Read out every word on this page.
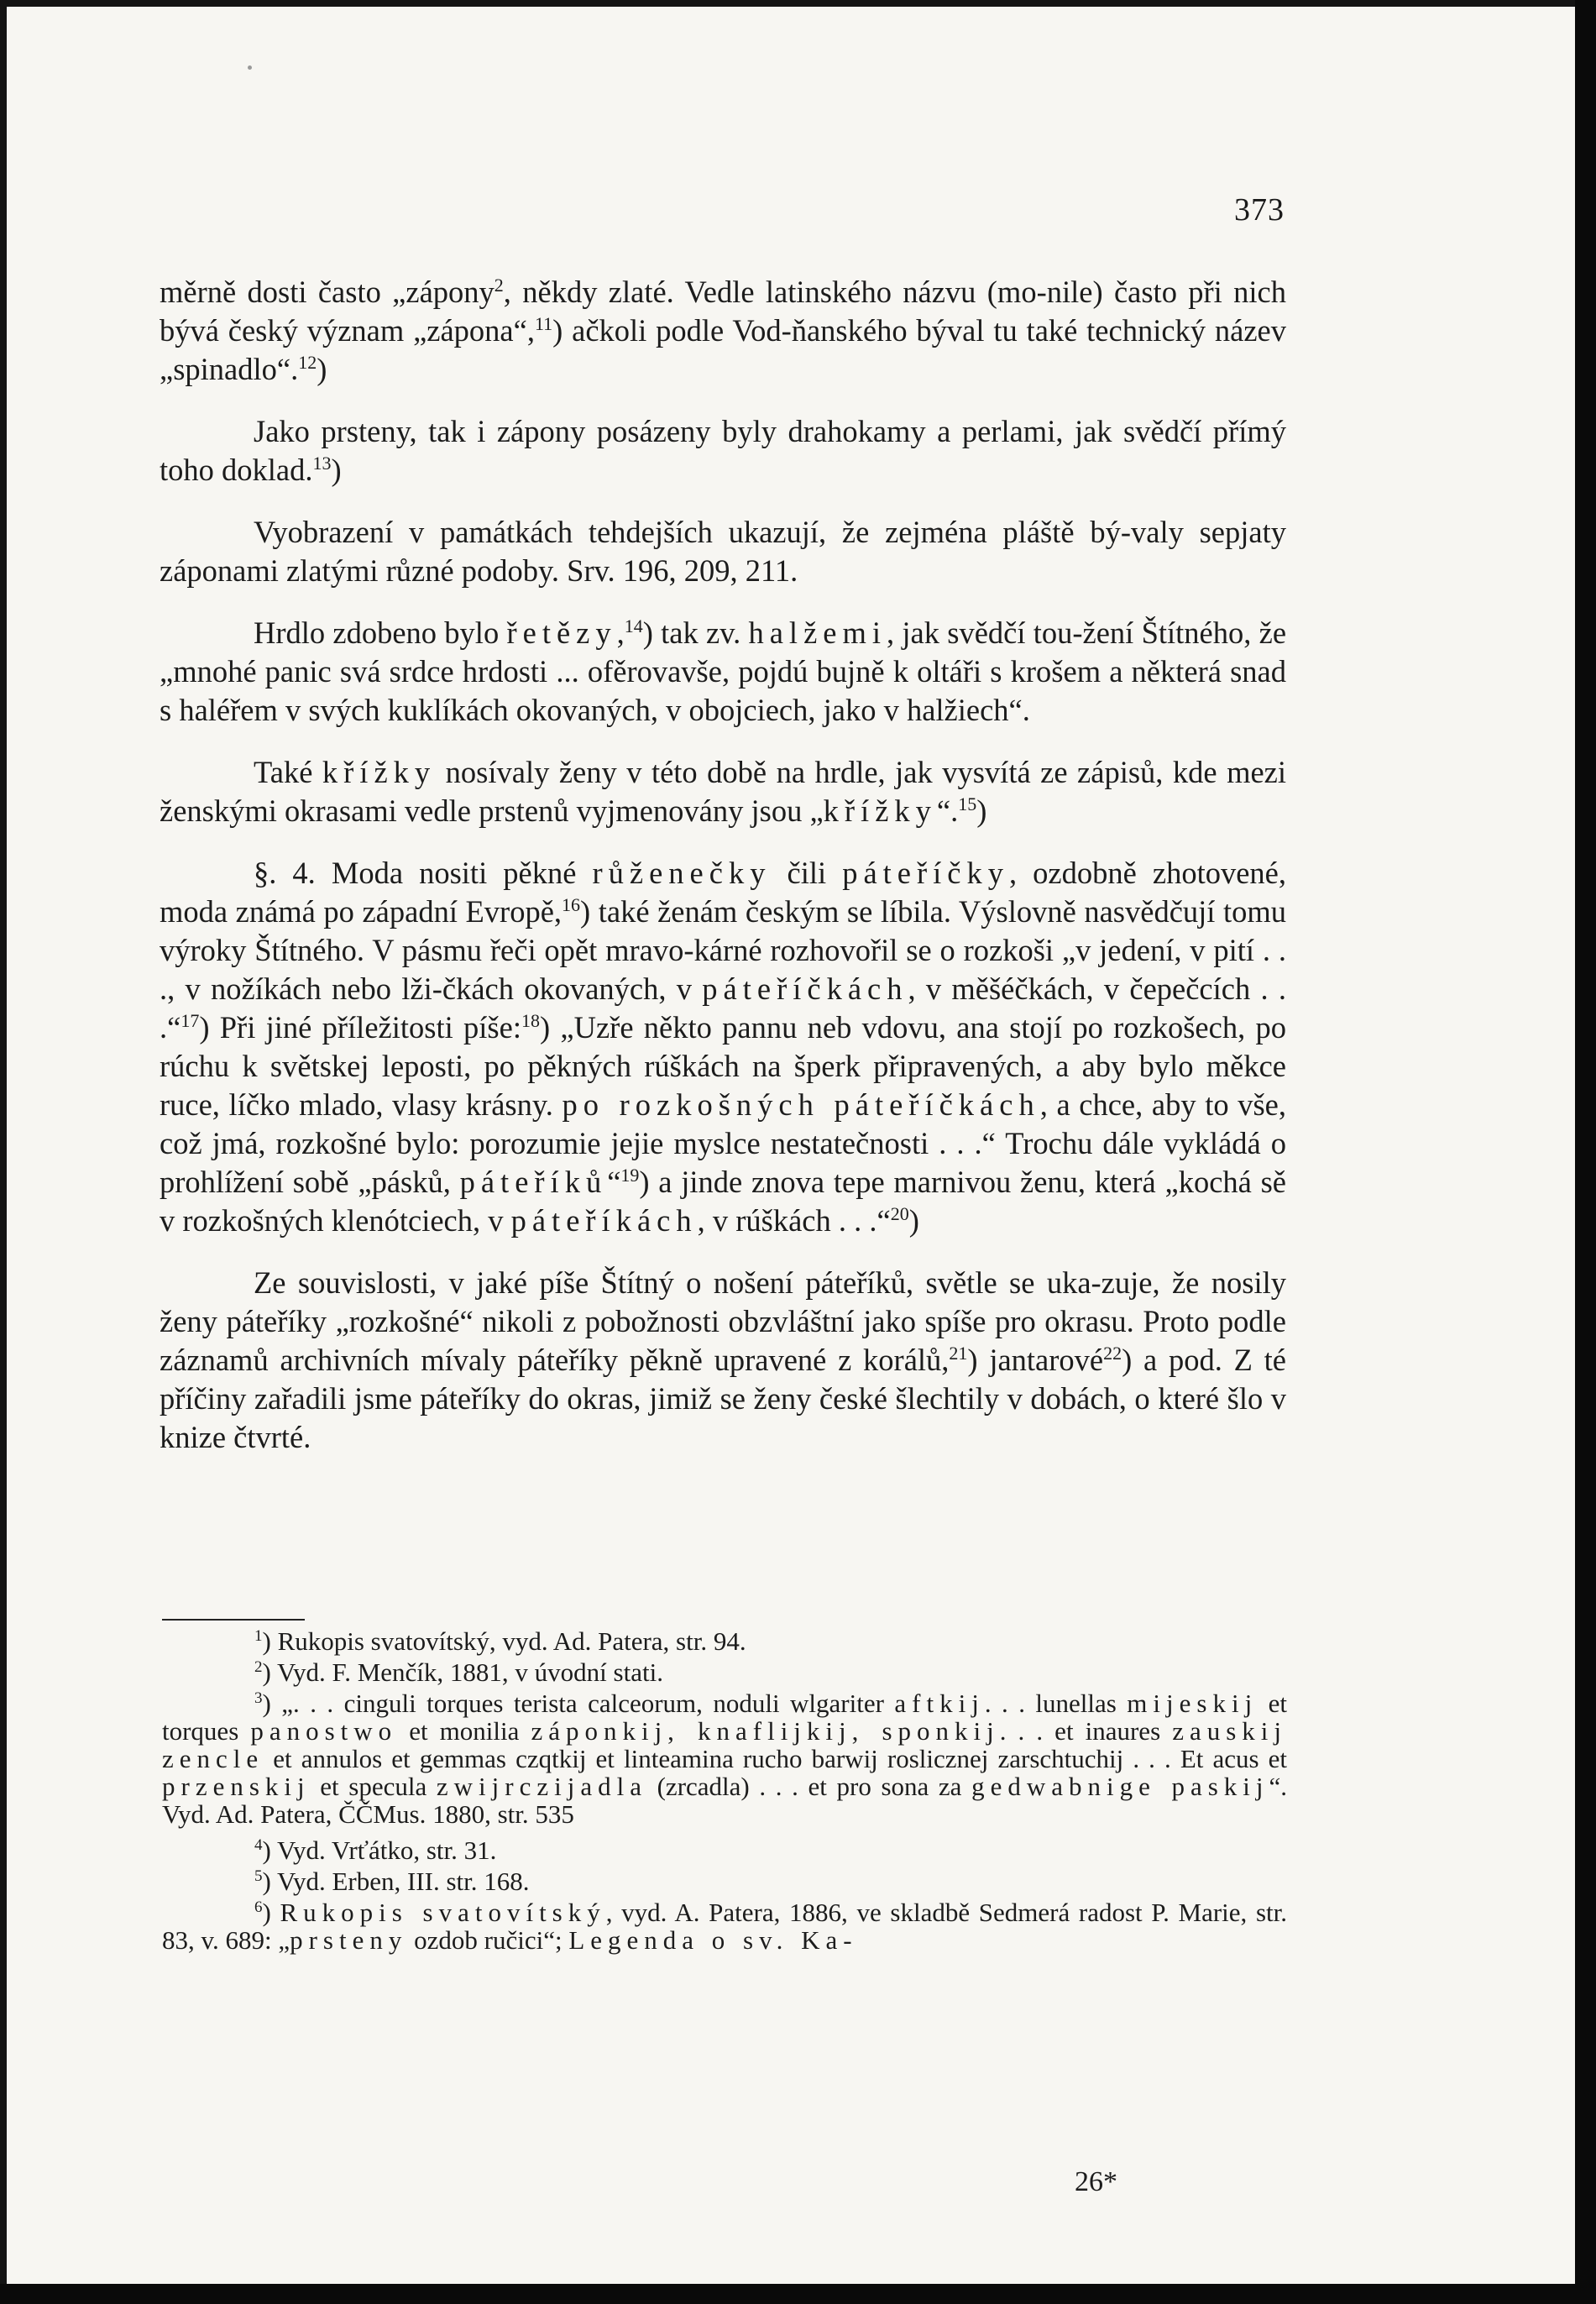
373

měrně dosti často „zápony$^2$, někdy zlaté. Vedle latinského názvu (mo-nile) často při nich bývá český význam „zápona“,$^{11}$) ačkoli podle Vod-ňanského býval tu také technický název „spinadlo“.$^{12}$)

Jako prsteny, tak i zápony posázeny byly drahokamy a perlami, jak svědčí přímý toho doklad.$^{13}$)

Vyobrazení v památkách tehdejších ukazují, že zejména pláště bý-valy sepjaty záponami zlatými různé podoby. Srv. 196, 209, 211.

Hrdlo zdobeno bylo řetězy,$^{14}$) tak zv. halžemi, jak svědčí tou-žení Štítného, že „mnohé panic svá srdce hrdosti ... ofěrovavše, pojdú bujně k oltáři s krošem a některá snad s haléřem v svých kuklíkách okovaných, v obojciech, jako v halžiech“.

Také křížky nosívaly ženy v této době na hrdle, jak vysvítá ze zápisů, kde mezi ženskými okrasami vedle prstenů vyjmenovány jsou „křížky“.$^{15}$)

§. 4. Moda nositi pěkné růženečky čili páteříčky, ozdobně zhotovené, moda známá po západní Evropě,$^{16}$) také ženám českým se líbila. Výslovně nasvědčují tomu výroky Štítného. V pásmu řeči opět mravo-kárné rozhovořil se o rozkoši „v jedení, v pití . . ., v nožíkách nebo lži-čkách okovaných, v páteříčkách, v měšéčkách, v čepečcích . . .“$^{17}$) Při jiné příležitosti píše:$^{18}$) „Uzře někto pannu neb vdovu, ana stojí po rozkošech, po rúchu k světskej leposti, po pěkných rúškách na šperk připravených, a aby bylo měkce ruce, líčko mlado, vlasy krásny. po rozkošných páteříčkách, a chce, aby to vše, což jmá, rozkošné bylo: porozumie jejie myslce nestatečnosti . . .“ Trochu dále vykládá o prohlížení sobě „pásků, páteříků“$^{19}$) a jinde znova tepe marnivou ženu, která „kochá sě v rozkošných klenótciech, v páteříkách, v rúškách . . .“$^{20}$)

Ze souvislosti, v jaké píše Štítný o nošení páteříků, světle se uka-zuje, že nosily ženy páteříky „rozkošné“ nikoli z pobožnosti obzvláštní jako spíše pro okrasu. Proto podle záznamů archivních mívaly páteříky pěkně upravené z korálů,$^{21}$) jantarové$^{22}$) a pod. Z té příčiny zařadili jsme páteříky do okras, jimiž se ženy české šlechtily v dobách, o které šlo v knize čtvrté.

$^1$) Rukopis svatovítský, vyd. Ad. Patera, str. 94.

$^2$) Vyd. F. Menčík, 1881, v úvodní stati.

$^3$) „. . . cinguli torques terista calceorum, noduli wlgariter aftkij. . . lunellas mijeskij et torques panostwo et monilia záponkij, knaflijkij, sponkij. . . et inaures zauskij zencle et annulos et gemmas czqtkij et linteamina rucho barwij roslicznej zarschtuchij . . . Et acus et przenskij et specula zwijrczijadla (zrcadla) . . . et pro sona za gedwabnige paskij“. Vyd. Ad. Patera, ČČMus. 1880, str. 535

$^4$) Vyd. Vrťátko, str. 31.

$^5$) Vyd. Erben, III. str. 168.

$^6$) Rukopis svatovítský, vyd. A. Patera, 1886, ve skladbě Sedmerá radost P. Marie, str. 83, v. 689: „prsteny ozdob ručici“; Legenda o sv. Ka-

26*
